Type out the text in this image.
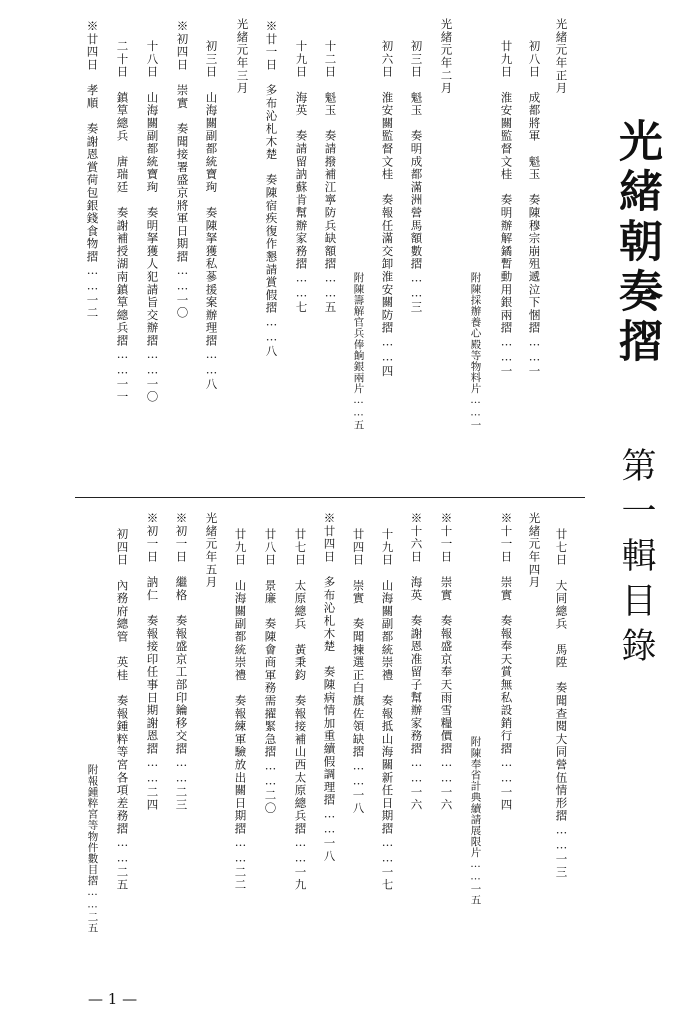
光緒朝奏摺
第一輯目錄
光緒元年正月
初八日　成都將軍　魁玉　奏陳穆宗崩殂遞泣下悃摺……一
廿九日　淮安關監督文桂　奏明辦解鐍暫動用銀兩摺……一
附陳採辦養心殿等物料片……一
光緒元年二月
初三日　魁玉　奏明成都滿洲營馬額數摺……三
初六日　淮安關監督文桂　奏報任滿交卸淮安關防摺……四
附陳籌解官兵俸餉銀兩片……五
十二日　魁玉　奏請撥補江寧防兵缺額摺……五
十九日　海英　奏請留訥蘇肯幫辦家務摺……七
※廿一日　多布沁札木楚　奏陳宿疾復作懇請賞假摺……八
光緒元年三月
初三日　山海關副都統寶珣　奏陳拏獲私蔘援案辦理摺……八
※初四日　崇實　奏聞接署盛京將軍日期摺……一〇
十八日　山海關副都統寶珣　奏明拏獲人犯請旨交辦摺……一〇
二十日　鎮筸總兵　唐瑞廷　奏謝補授湖南鎮筸總兵摺……一一
※廿四日　孝順　奏謝恩賞荷包銀錢食物摺……一二
廿七日　大同總兵　馬陞　奏聞查閱大同營伍情形摺……一三
光緒元年四月
※十一日　崇實　奏報奉天賞無私設銷行摺……一四
附陳奉省計典續請展限片……一五
※十一日　崇實　奏報盛京奉天雨雪糧價摺……一六
※十六日　海英　奏謝恩准留子幫辦家務摺……一六
十九日　山海關副都統崇禮　奏報抵山海關新任日期摺……一七
廿四日　崇實　奏聞揀選正白旗佐領缺摺……一八
※廿四日　多布沁札木楚　奏陳病情加重續假調理摺……一八
廿七日　太原總兵　黃秉鈞　奏報接補山西太原總兵摺……一九
廿八日　景廉　奏陳會商軍務需擢緊急摺……二〇
廿九日　山海關副都統崇禮　奏報練軍驗放出關日期摺……二二
光緒元年五月
※初一日　繼格　奏報盛京工部印鑰移交摺……二三
※初一日　訥仁　奏報接印任事日期謝恩摺……二四
初四日　內務府總管　英桂　奏報鍾粹等宮各項差務摺……二五
附報鍾粹宮等物件數目摺……二五
— 1 —
